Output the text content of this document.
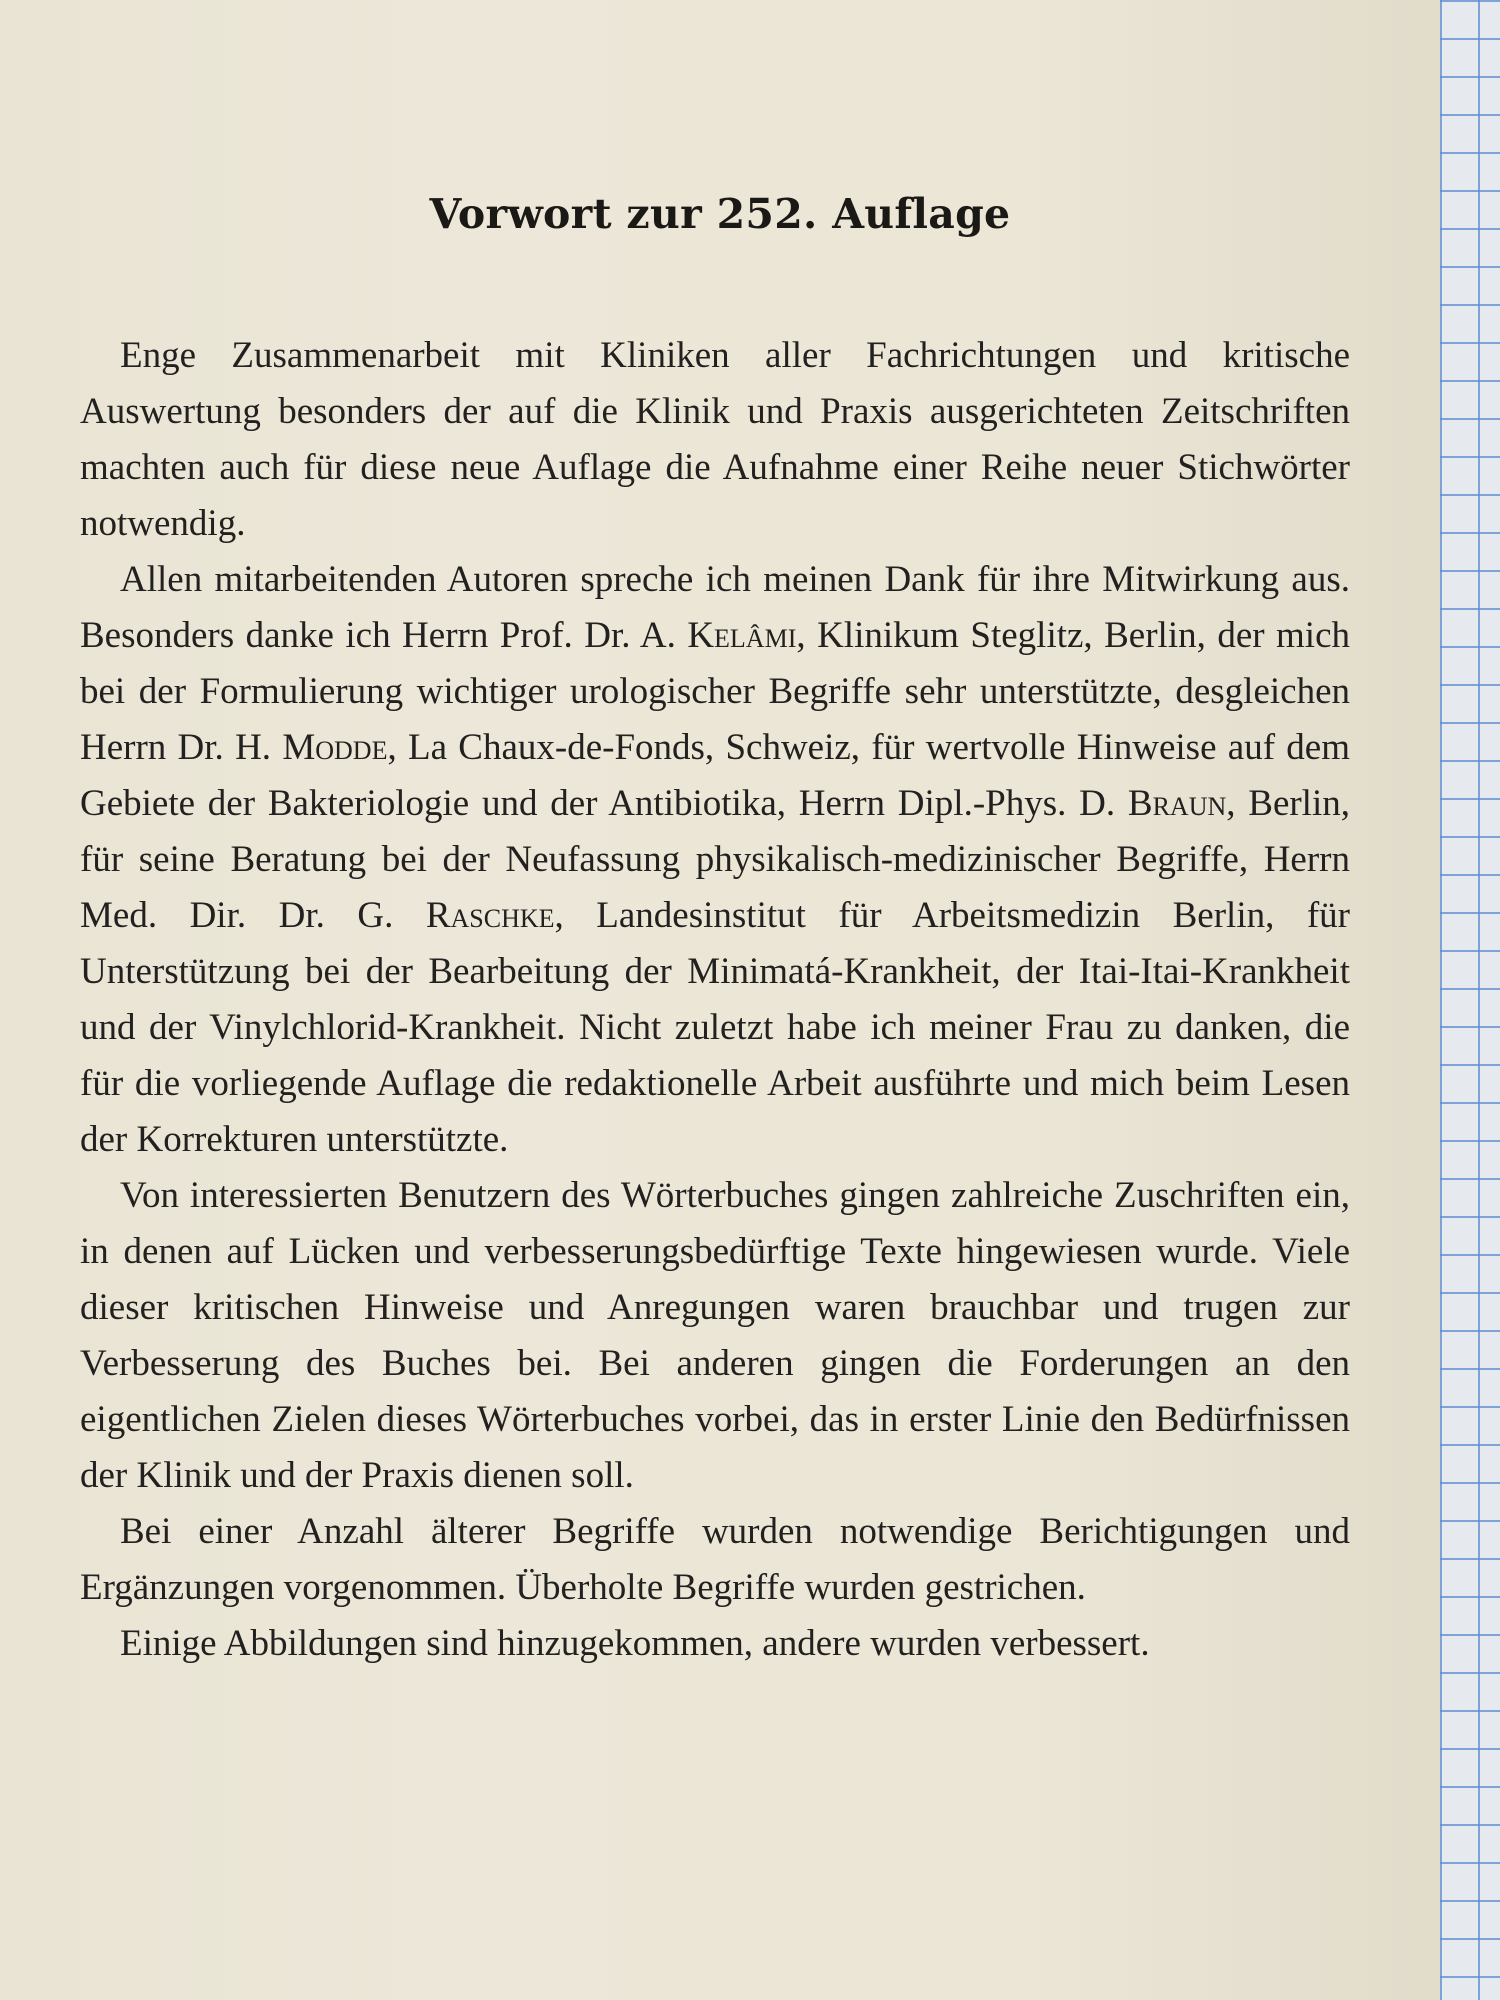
Vorwort zur 252. Auflage

Enge Zusammenarbeit mit Kliniken aller Fachrichtungen und kritische Auswertung besonders der auf die Klinik und Praxis ausgerichteten Zeitschriften machten auch für diese neue Auflage die Aufnahme einer Reihe neuer Stichwörter notwendig.

Allen mitarbeitenden Autoren spreche ich meinen Dank für ihre Mitwirkung aus. Besonders danke ich Herrn Prof. Dr. A. Kelâmi, Klinikum Steglitz, Berlin, der mich bei der Formulierung wichtiger urologischer Begriffe sehr unterstützte, desgleichen Herrn Dr. H. Modde, La Chaux-de-Fonds, Schweiz, für wertvolle Hinweise auf dem Gebiete der Bakteriologie und der Antibiotika, Herrn Dipl.-Phys. D. Braun, Berlin, für seine Beratung bei der Neufassung physikalisch-medizinischer Begriffe, Herrn Med. Dir. Dr. G. Raschke, Landesinstitut für Arbeitsmedizin Berlin, für Unterstützung bei der Bearbeitung der Minimatá-Krankheit, der Itai-Itai-Krankheit und der Vinylchlorid-Krankheit. Nicht zuletzt habe ich meiner Frau zu danken, die für die vorliegende Auflage die redaktionelle Arbeit ausführte und mich beim Lesen der Korrekturen unterstützte.

Von interessierten Benutzern des Wörterbuches gingen zahlreiche Zuschriften ein, in denen auf Lücken und verbesserungsbedürftige Texte hingewiesen wurde. Viele dieser kritischen Hinweise und Anregungen waren brauchbar und trugen zur Verbesserung des Buches bei. Bei anderen gingen die Forderungen an den eigentlichen Zielen dieses Wörterbuches vorbei, das in erster Linie den Bedürfnissen der Klinik und der Praxis dienen soll.

Bei einer Anzahl älterer Begriffe wurden notwendige Berichtigungen und Ergänzungen vorgenommen. Überholte Begriffe wurden gestrichen.

Einige Abbildungen sind hinzugekommen, andere wurden verbessert.
